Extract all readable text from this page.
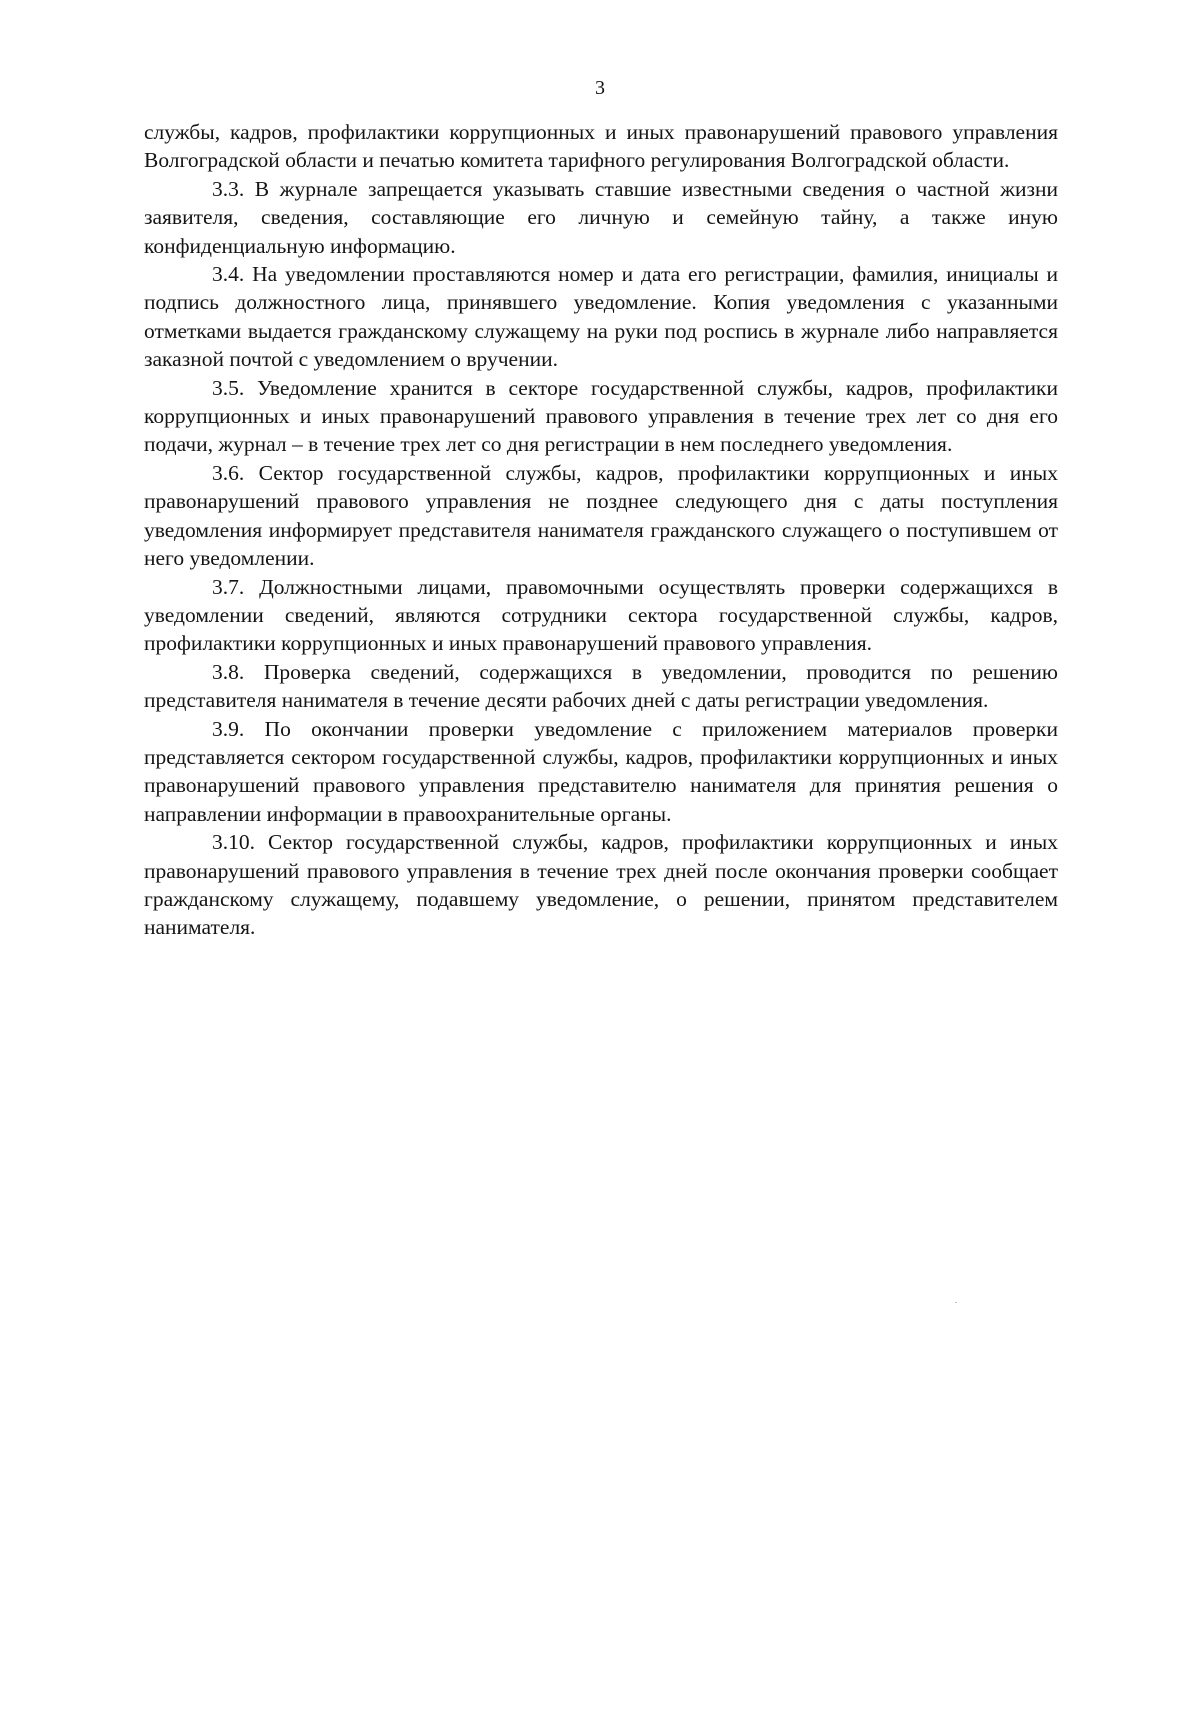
3

службы, кадров, профилактики коррупционных и иных правонарушений правового управления Волгоградской области и печатью комитета тарифного регулирования Волгоградской области.

3.3. В журнале запрещается указывать ставшие известными сведения о частной жизни заявителя, сведения, составляющие его личную и семейную тайну, а также иную конфиденциальную информацию.

3.4. На уведомлении проставляются номер и дата его регистрации, фамилия, инициалы и подпись должностного лица, принявшего уведомление. Копия уведомления с указанными отметками выдается гражданскому служащему на руки под роспись в журнале либо направляется заказной почтой с уведомлением о вручении.

3.5. Уведомление хранится в секторе государственной службы, кадров, профилактики коррупционных и иных правонарушений правового управления в течение трех лет со дня его подачи, журнал – в течение трех лет со дня регистрации в нем последнего уведомления.

3.6. Сектор государственной службы, кадров, профилактики коррупционных и иных правонарушений правового управления не позднее следующего дня с даты поступления уведомления информирует представителя нанимателя гражданского служащего о поступившем от него уведомлении.

3.7. Должностными лицами, правомочными осуществлять проверки содержащихся в уведомлении сведений, являются сотрудники сектора государственной службы, кадров, профилактики коррупционных и иных правонарушений правового управления.

3.8. Проверка сведений, содержащихся в уведомлении, проводится по решению представителя нанимателя в течение десяти рабочих дней с даты регистрации уведомления.

3.9. По окончании проверки уведомление с приложением материалов проверки представляется сектором государственной службы, кадров, профилактики коррупционных и иных правонарушений правового управления представителю нанимателя для принятия решения о направлении информации в правоохранительные органы.

3.10. Сектор государственной службы, кадров, профилактики коррупционных и иных правонарушений правового управления в течение трех дней после окончания проверки сообщает гражданскому служащему, подавшему уведомление, о решении, принятом представителем нанимателя.
